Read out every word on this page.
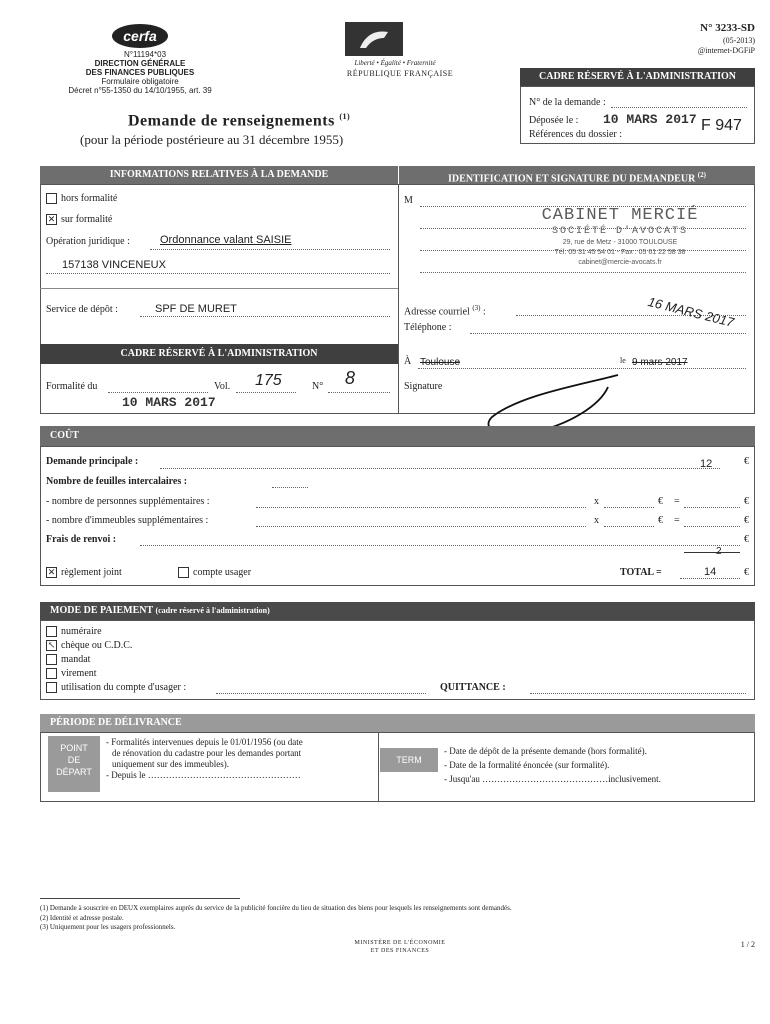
cerfa
N°11194*03
DIRECTION GÉNÉRALE
DES FINANCES PUBLIQUES
Formulaire obligatoire
Décret n°55-1350 du 14/10/1955, art. 39
Liberté • Égalité • Fraternité
RÉPUBLIQUE FRANÇAISE
N° 3233-SD
(05-2013)
@internet-DGFiP
Demande de renseignements $^{(1)}$
(pour la période postérieure au 31 décembre 1955)
CADRE RÉSERVÉ À L'ADMINISTRATION
N° de la demande :
Déposée le : 10 MARS 2017
Références du dossier :
F 947
INFORMATIONS RELATIVES À LA DEMANDE	IDENTIFICATION ET SIGNATURE DU DEMANDEUR $^{(2)}$
hors formalité
✕ sur formalité
Opération juridique :	Ordonnance valant SAISIE
157138 VINCENEUX
Service de dépôt :	SPF DE MURET
CADRE RÉSERVÉ À L'ADMINISTRATION
Formalité du	Vol. 175	N° 8
10 MARS 2017
M
CABINET MERCIÉ
SOCIÉTÉ D'AVOCATS
29, rue de Metz - 31000 TOULOUSE
Tél. 05 31 45 54 01 - Fax : 05 61 22 58 38
cabinet@mercie-avocats.fr
16 MARS 2017
Adresse courriel $^{(3)}$ :
Téléphone :
À Toulouse	le 9 mars 2017
Signature
COÛT
Demande principale :	12	€
Nombre de feuilles intercalaires :
- nombre de personnes supplémentaires :	x	€ =	€
- nombre d'immeubles supplémentaires :	x	€ =	€
Frais de renvoi :	€
2
✕ règlement joint	compte usager	TOTAL =	14	€
MODE DE PAIEMENT (cadre réservé à l'administration)
numéraire
↖ chèque ou C.D.C.
mandat
virement
utilisation du compte d'usager :	QUITTANCE :
PÉRIODE DE DÉLIVRANCE
POINT
DE
DÉPART
- Formalités intervenues depuis le 01/01/1956 (ou date
de rénovation du cadastre pour les demandes portant
uniquement sur des immeubles).
- Depuis le ……………………………………………
TERM
- Date de dépôt de la présente demande (hors formalité).
- Date de la formalité énoncée (sur formalité).
- Jusqu'au ……………………………………inclusivement.
(1) Demande à souscrire en DEUX exemplaires auprès du service de la publicité foncière du lieu de situation des biens pour lesquels les renseignements sont demandés.
(2) Identité et adresse postale.
(3) Uniquement pour les usagers professionnels.
MINISTÈRE DE L'ÉCONOMIE
ET DES FINANCES
1 / 2
